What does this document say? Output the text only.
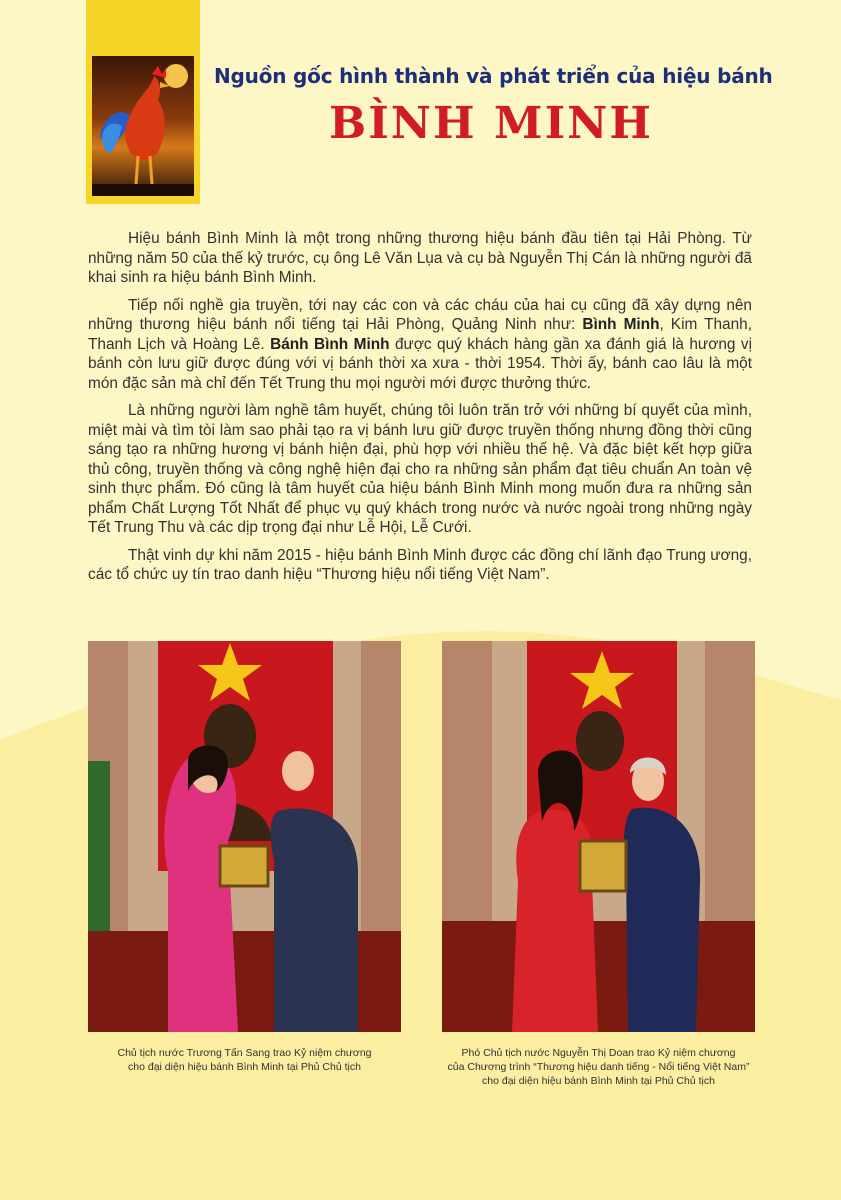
Nguồn gốc hình thành và phát triển của hiệu bánh
BÌNH MINH

Hiệu bánh Bình Minh là một trong những thương hiệu bánh đầu tiên tại Hải Phòng. Từ những năm 50 của thế kỷ trước, cụ ông Lê Văn Lụa và cụ bà Nguyễn Thị Cán là những người đã khai sinh ra hiệu bánh Bình Minh.

Tiếp nối nghề gia truyền, tới nay các con và các cháu của hai cụ cũng đã xây dựng nên những thương hiệu bánh nổi tiếng tại Hải Phòng, Quảng Ninh như: Bình Minh, Kim Thanh, Thanh Lịch và Hoàng Lê. Bánh Bình Minh được quý khách hàng gần xa đánh giá là hương vị bánh còn lưu giữ được đúng với vị bánh thời xa xưa - thời 1954. Thời ấy, bánh cao lâu là một món đặc sản mà chỉ đến Tết Trung thu mọi người mới được thưởng thức.

Là những người làm nghề tâm huyết, chúng tôi luôn trăn trở với những bí quyết của mình, miệt mài và tìm tòi làm sao phải tạo ra vị bánh lưu giữ được truyền thống nhưng đồng thời cũng sáng tạo ra những hương vị bánh hiện đại, phù hợp với nhiều thế hệ. Và đặc biệt kết hợp giữa thủ công, truyền thống và công nghệ hiện đại cho ra những sản phẩm đạt tiêu chuẩn An toàn vệ sinh thực phẩm. Đó cũng là tâm huyết của hiệu bánh Bình Minh mong muốn đưa ra những sản phẩm Chất Lượng Tốt Nhất để phục vụ quý khách trong nước và nước ngoài trong những ngày Tết Trung Thu và các dịp trọng đại như Lễ Hội, Lễ Cưới.

Thật vinh dự khi năm 2015 - hiệu bánh Bình Minh được các đồng chí lãnh đạo Trung ương, các tổ chức uy tín trao danh hiệu “Thương hiệu nổi tiếng Việt Nam”.

Chủ tịch nước Trương Tấn Sang trao Kỷ niệm chương
cho đại diện hiệu bánh Bình Minh tại Phủ Chủ tịch
Phó Chủ tịch nước Nguyễn Thị Doan trao Kỷ niệm chương
của Chương trình “Thương hiệu danh tiếng - Nổi tiếng Việt Nam”
cho đại diện hiệu bánh Bình Minh tại Phủ Chủ tịch
